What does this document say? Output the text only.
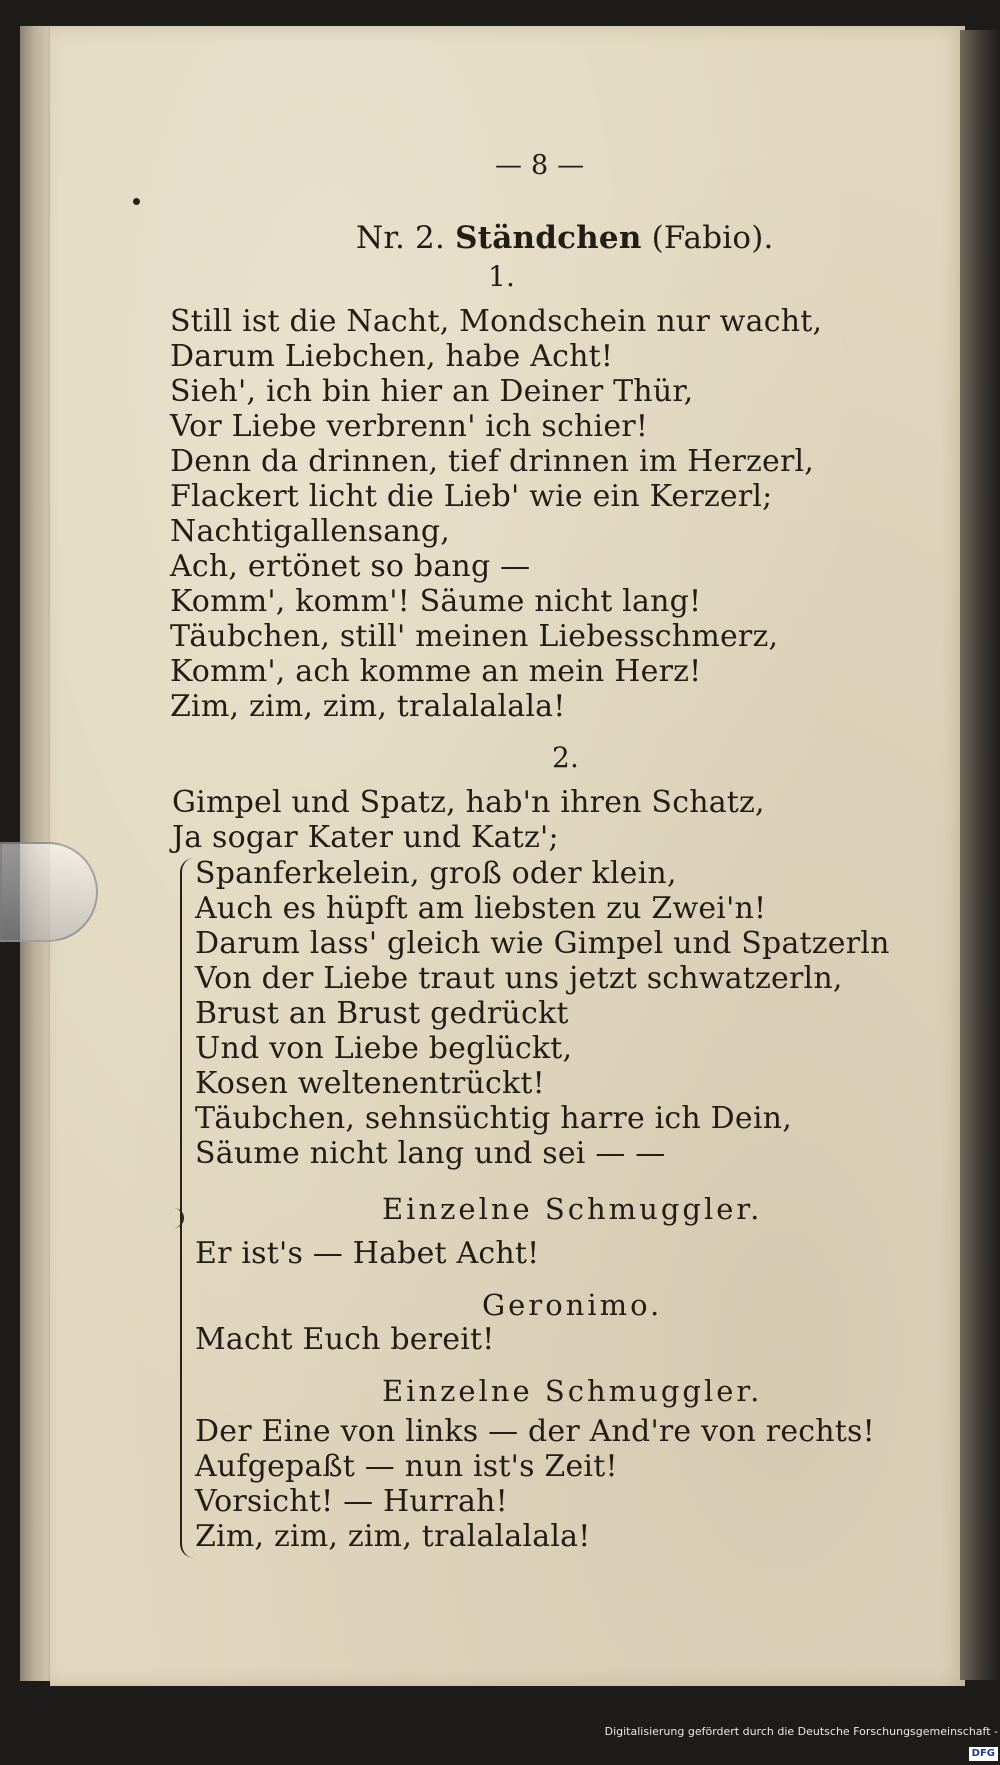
— 8 —
Nr. 2. Ständchen (Fabio).
1.
Still ist die Nacht, Mondschein nur wacht,
Darum Liebchen, habe Acht!
Sieh', ich bin hier an Deiner Thür,
Vor Liebe verbrenn' ich schier!
Denn da drinnen, tief drinnen im Herzerl,
Flackert licht die Lieb' wie ein Kerzerl;
Nachtigallensang,
Ach, ertönet so bang —
Komm', komm'! Säume nicht lang!
Täubchen, still' meinen Liebesschmerz,
Komm', ach komme an mein Herz!
Zim, zim, zim, tralalalala!
2.
Gimpel und Spatz, hab'n ihren Schatz,
Ja sogar Kater und Katz';
Spanferkelein, groß oder klein,
Auch es hüpft am liebsten zu Zwei'n!
Darum lass' gleich wie Gimpel und Spatzerln
Von der Liebe traut uns jetzt schwatzerln,
Brust an Brust gedrückt
Und von Liebe beglückt,
Kosen weltenentrückt!
Täubchen, sehnsüchtig harre ich Dein,
Säume nicht lang und sei — —
Einzelne Schmuggler.
Er ist's — Habet Acht!
Geronimo.
Macht Euch bereit!
Einzelne Schmuggler.
Der Eine von links — der And're von rechts!
Aufgepaßt — nun ist's Zeit!
Vorsicht! — Hurrah!
Zim, zim, zim, tralalalala!
Digitalisierung gefördert durch die Deutsche Forschungsgemeinschaft - DFG
